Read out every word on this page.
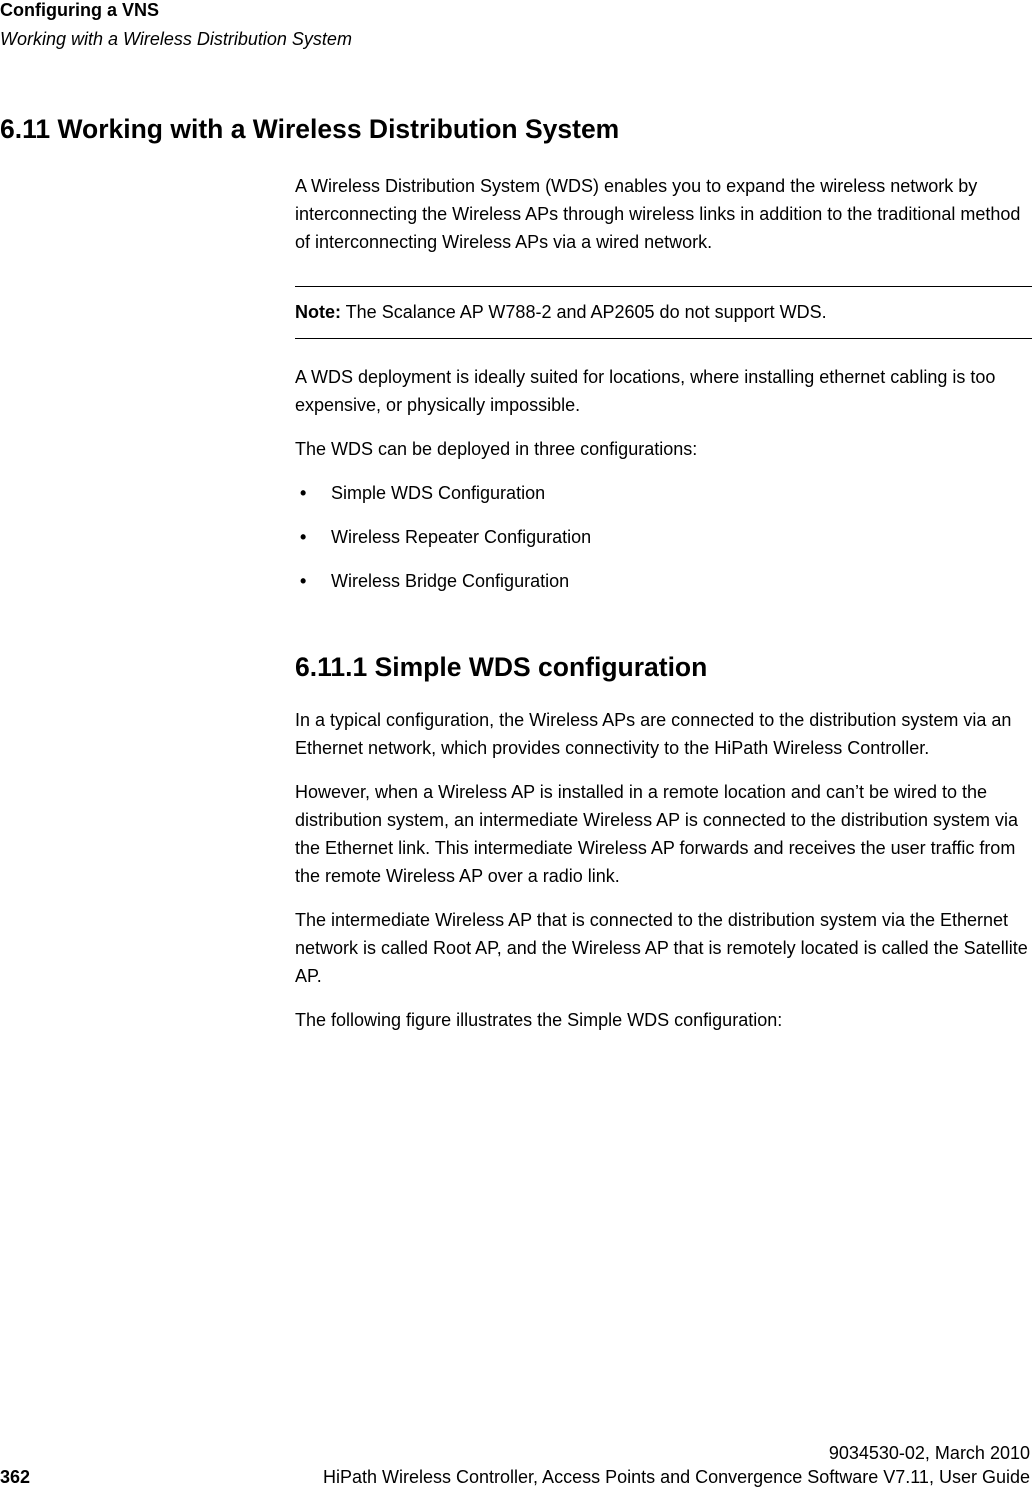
Configuring a VNS
Working with a Wireless Distribution System
6.11 Working with a Wireless Distribution System

A Wireless Distribution System (WDS) enables you to expand the wireless network by interconnecting the Wireless APs through wireless links in addition to the traditional method of interconnecting Wireless APs via a wired network.

Note: The Scalance AP W788-2 and AP2605 do not support WDS.

A WDS deployment is ideally suited for locations, where installing ethernet cabling is too expensive, or physically impossible.

The WDS can be deployed in three configurations:

• Simple WDS Configuration
• Wireless Repeater Configuration
• Wireless Bridge Configuration
6.11.1 Simple WDS configuration

In a typical configuration, the Wireless APs are connected to the distribution system via an Ethernet network, which provides connectivity to the HiPath Wireless Controller.

However, when a Wireless AP is installed in a remote location and can’t be wired to the distribution system, an intermediate Wireless AP is connected to the distribution system via the Ethernet link. This intermediate Wireless AP forwards and receives the user traffic from the remote Wireless AP over a radio link.

The intermediate Wireless AP that is connected to the distribution system via the Ethernet network is called Root AP, and the Wireless AP that is remotely located is called the Satellite AP.

The following figure illustrates the Simple WDS configuration:

9034530-02, March 2010
362	HiPath Wireless Controller, Access Points and Convergence Software V7.11, User Guide
